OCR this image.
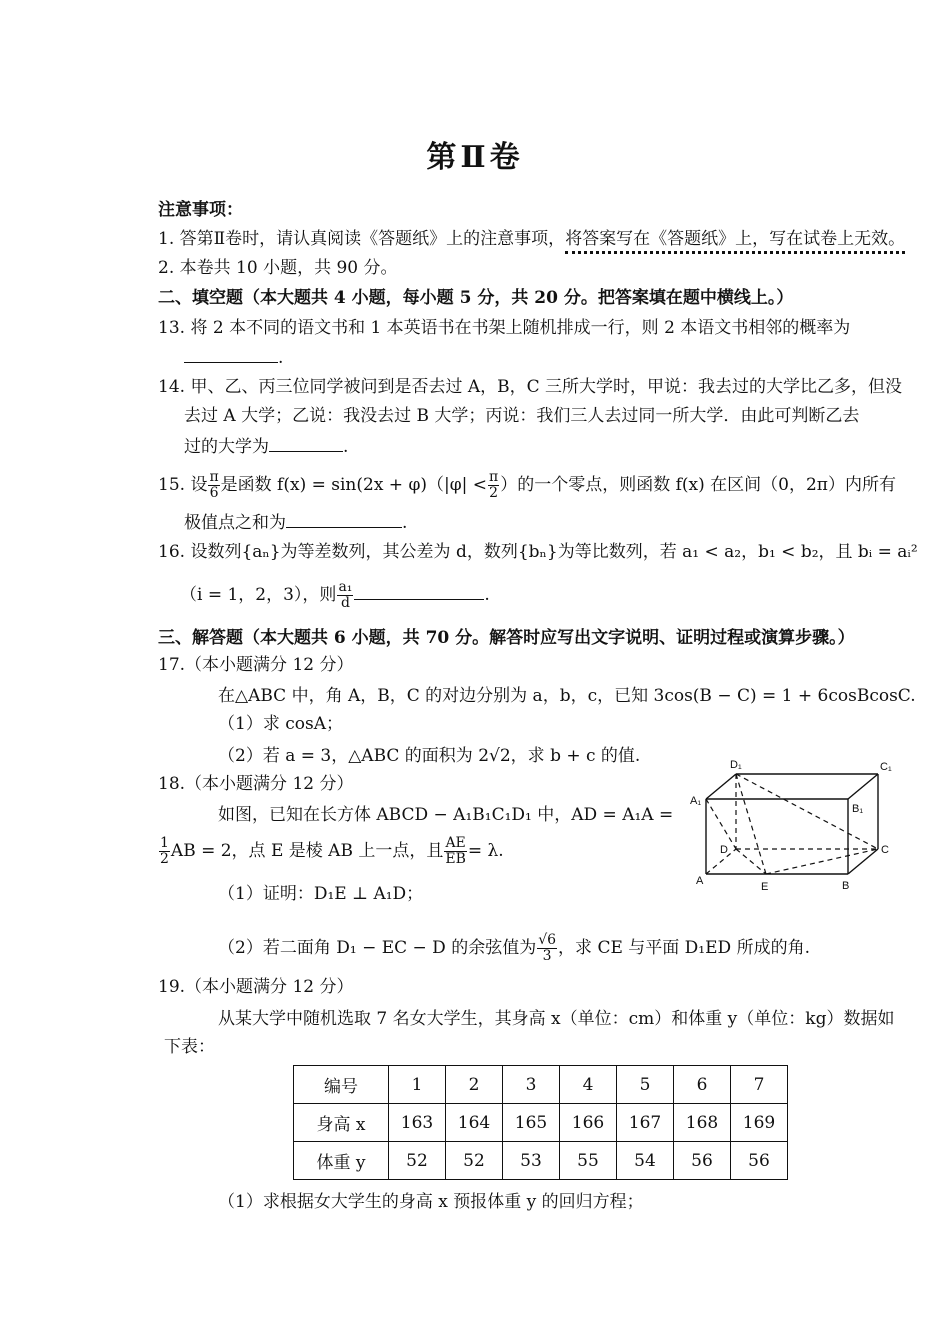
第Ⅱ卷
注意事项：
1. 答第Ⅱ卷时，请认真阅读《答题纸》上的注意事项，将答案写在《答题纸》上，写在试卷上无效。
2. 本卷共 10 小题，共 90 分。
二、填空题（本大题共 4 小题，每小题 5 分，共 20 分。把答案填在题中横线上。）
13. 将 2 本不同的语文书和 1 本英语书在书架上随机排成一行，则 2 本语文书相邻的概率为
.
14. 甲、乙、丙三位同学被问到是否去过 A，B，C 三所大学时，甲说：我去过的大学比乙多，但没
去过 A 大学；乙说：我没去过 B 大学；丙说：我们三人去过同一所大学．由此可判断乙去
过的大学为	.
15. 设 $\frac{\pi}{6}$ 是函数 $f(x) = \sin(2x + \varphi)(|\varphi| < \frac{\pi}{2}$ ）的一个零点，则函数 f(x) 在区间（0，2π）内所有
极值点之和为	.
16. 设数列{aₙ}为等差数列，其公差为 d，数列{bₙ}为等比数列，若 a₁ < a₂，b₁ < b₂，且 bᵢ = aᵢ²
（i = 1，2，3），则 $\frac{\text{a₁}}{d}$	.
三、解答题（本大题共 6 小题，共 70 分。解答时应写出文字说明、证明过程或演算步骤。）
17.（本小题满分 12 分）
在△ABC 中，角 A，B，C 的对边分别为 a，b，c，已知 3cos(B − C) = 1 + 6cosBcosC.
（1）求 cosA；
（2）若 a = 3，△ABC 的面积为 2√2，求 b + c 的值.
18.（本小题满分 12 分）
如图，已知在长方体 ABCD − A₁B₁C₁D₁ 中，AD = A₁A =
$\frac{1}{2}$ AB = 2，点 E 是棱 AB 上一点，且 $\frac{AE}{EB} = \lambda$.
（1）证明：D₁E ⊥ A₁D；
（2）若二面角 D₁ − EC − D 的余弦值为 $\frac{√6}{3}$ ，求 CE 与平面 D₁ED 所成的角.
D₁	C₁
A₁
B₁
D	C
A	E	B
19.（本小题满分 12 分）
从某大学中随机选取 7 名女大学生，其身高 x（单位：cm）和体重 y（单位：kg）数据如
下表：
编号	1	2	3	4	5	6	7
身高 x	163	164	165	166	167	168	169
体重 y	52	52	53	55	54	56	56
（1）求根据女大学生的身高 x 预报体重 y 的回归方程；
